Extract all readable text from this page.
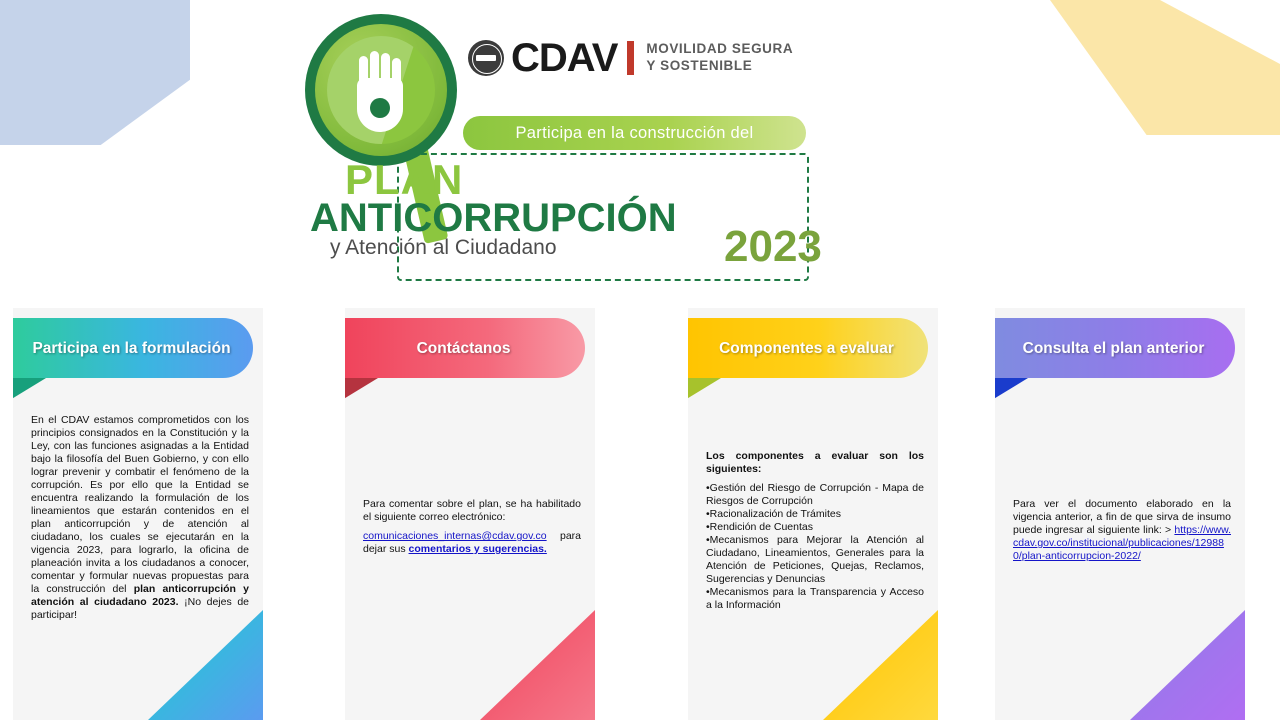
CDAV MOVILIDAD SEGURA
Y SOSTENIBLE
Participa en la construcción del
PLAN
ANTICORRUPCIÓN
y Atención al Ciudadano	2023
Participa en la formulación
En el CDAV estamos comprometidos con los principios consignados en la Constitución y la Ley, con las funciones asignadas a la Entidad bajo la filosofía del Buen Gobierno, y con ello lograr prevenir y combatir el fenómeno de la corrupción. Es por ello que la Entidad se encuentra realizando la formulación de los lineamientos que estarán contenidos en el plan anticorrupción y de atención al ciudadano, los cuales se ejecutarán en la vigencia 2023, para lograrlo, la oficina de planeación invita a los ciudadanos a conocer, comentar y formular nuevas propuestas para la construcción del plan anticorrupción y atención al ciudadano 2023. ¡No dejes de participar!
Contáctanos
Para comentar sobre el plan, se ha habilitado el siguiente correo electrónico:
comunicaciones_internas@cdav.gov.co para dejar sus comentarios y sugerencias.
Componentes a evaluar
Los componentes a evaluar son los siguientes:
•Gestión del Riesgo de Corrupción - Mapa de Riesgos de Corrupción
•Racionalización de Trámites
•Rendición de Cuentas
•Mecanismos para Mejorar la Atención al Ciudadano, Lineamientos, Generales para la Atención de Peticiones, Quejas, Reclamos, Sugerencias y Denuncias
•Mecanismos para la Transparencia y Acceso a la Información
Consulta el plan anterior
Para ver el documento elaborado en la vigencia anterior, a fin de que sirva de insumo puede ingresar al siguiente link: > https://www.cdav.gov.co/institucional/publicaciones/129880/plan-anticorrupcion-2022/
